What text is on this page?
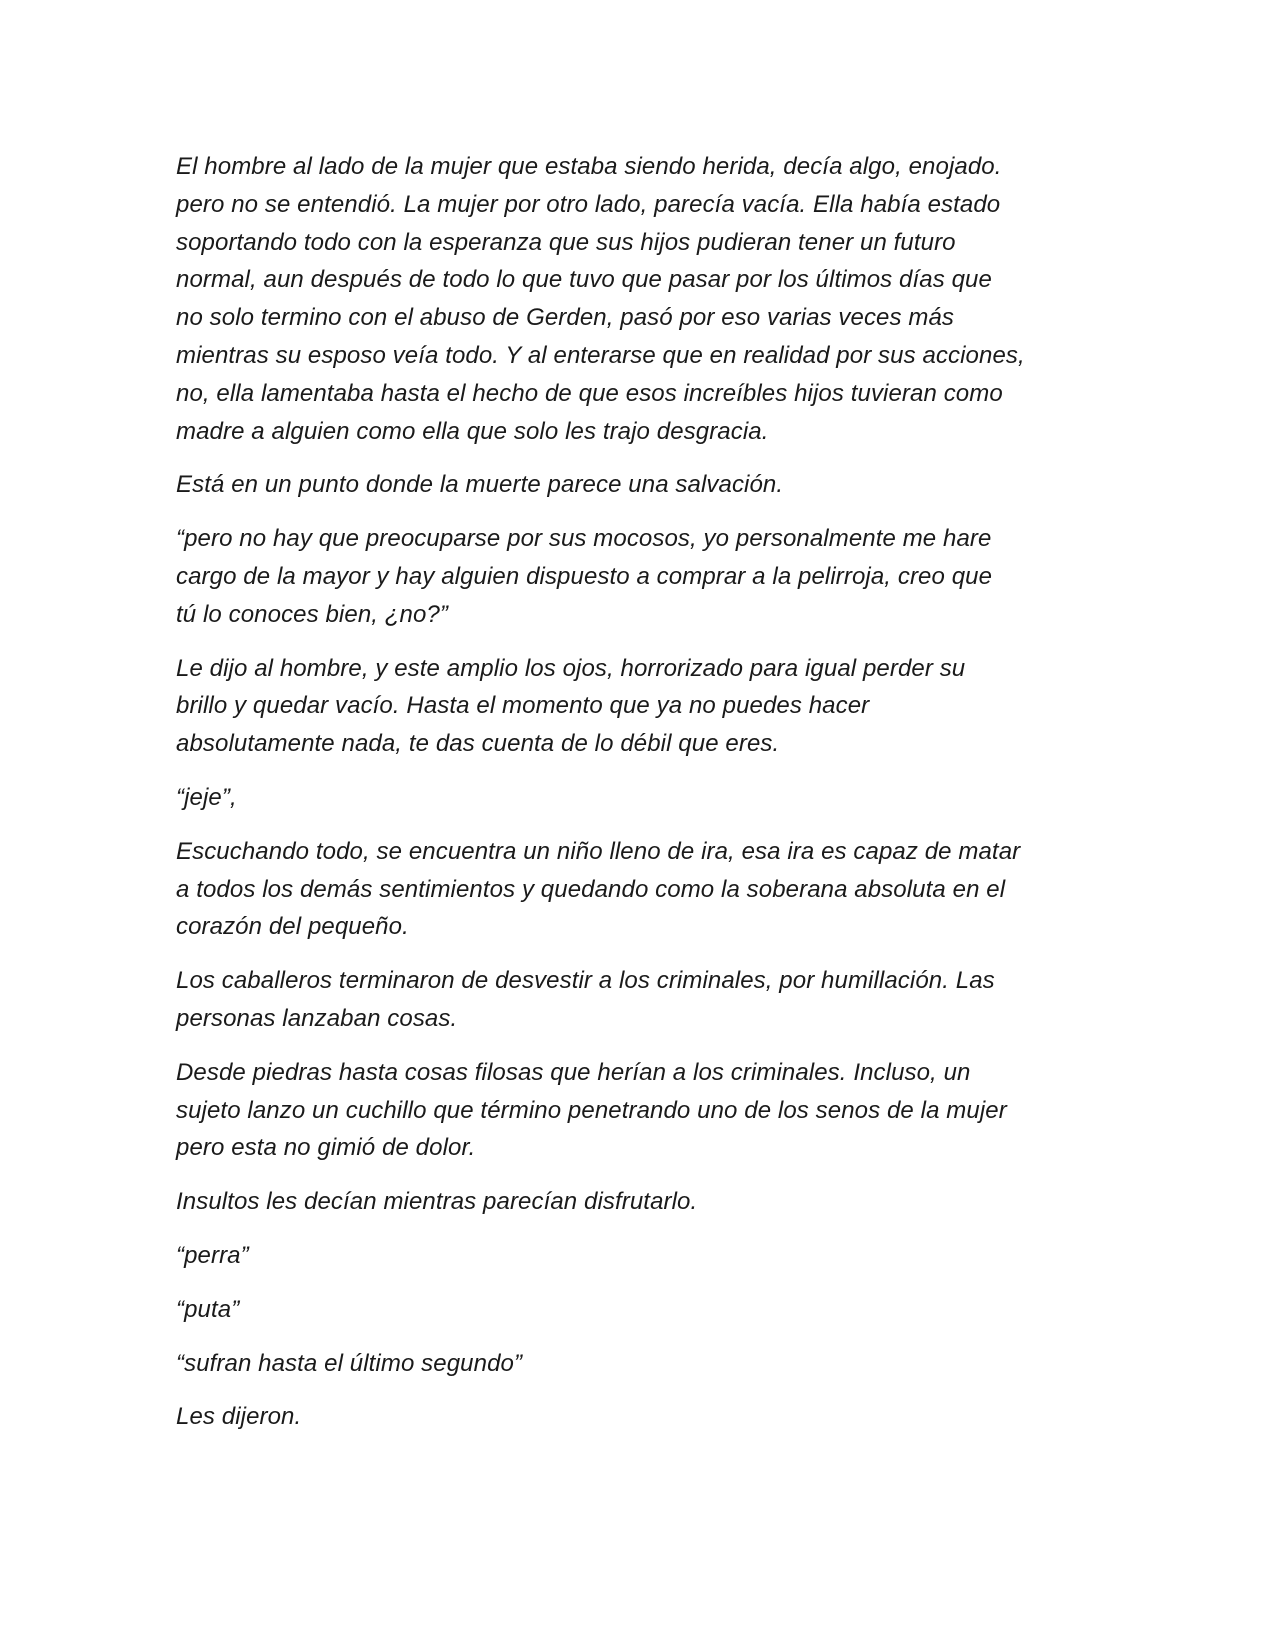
El hombre al lado de la mujer que estaba siendo herida, decía algo, enojado.
pero no se entendió. La mujer por otro lado, parecía vacía. Ella había estado
soportando todo con la esperanza que sus hijos pudieran tener un futuro
normal, aun después de todo lo que tuvo que pasar por los últimos días que
no solo termino con el abuso de Gerden, pasó por eso varias veces más
mientras su esposo veía todo. Y al enterarse que en realidad por sus acciones,
no, ella lamentaba hasta el hecho de que esos increíbles hijos tuvieran como
madre a alguien como ella que solo les trajo desgracia.

Está en un punto donde la muerte parece una salvación.

“pero no hay que preocuparse por sus mocosos, yo personalmente me hare
cargo de la mayor y hay alguien dispuesto a comprar a la pelirroja, creo que
tú lo conoces bien, ¿no?”

Le dijo al hombre, y este amplio los ojos, horrorizado para igual perder su
brillo y quedar vacío. Hasta el momento que ya no puedes hacer
absolutamente nada, te das cuenta de lo débil que eres.

“jeje”,

Escuchando todo, se encuentra un niño lleno de ira, esa ira es capaz de matar
a todos los demás sentimientos y quedando como la soberana absoluta en el
corazón del pequeño.

Los caballeros terminaron de desvestir a los criminales, por humillación. Las
personas lanzaban cosas.

Desde piedras hasta cosas filosas que herían a los criminales. Incluso, un
sujeto lanzo un cuchillo que término penetrando uno de los senos de la mujer
pero esta no gimió de dolor.

Insultos les decían mientras parecían disfrutarlo.

“perra”

“puta”

“sufran hasta el último segundo”

Les dijeron.
